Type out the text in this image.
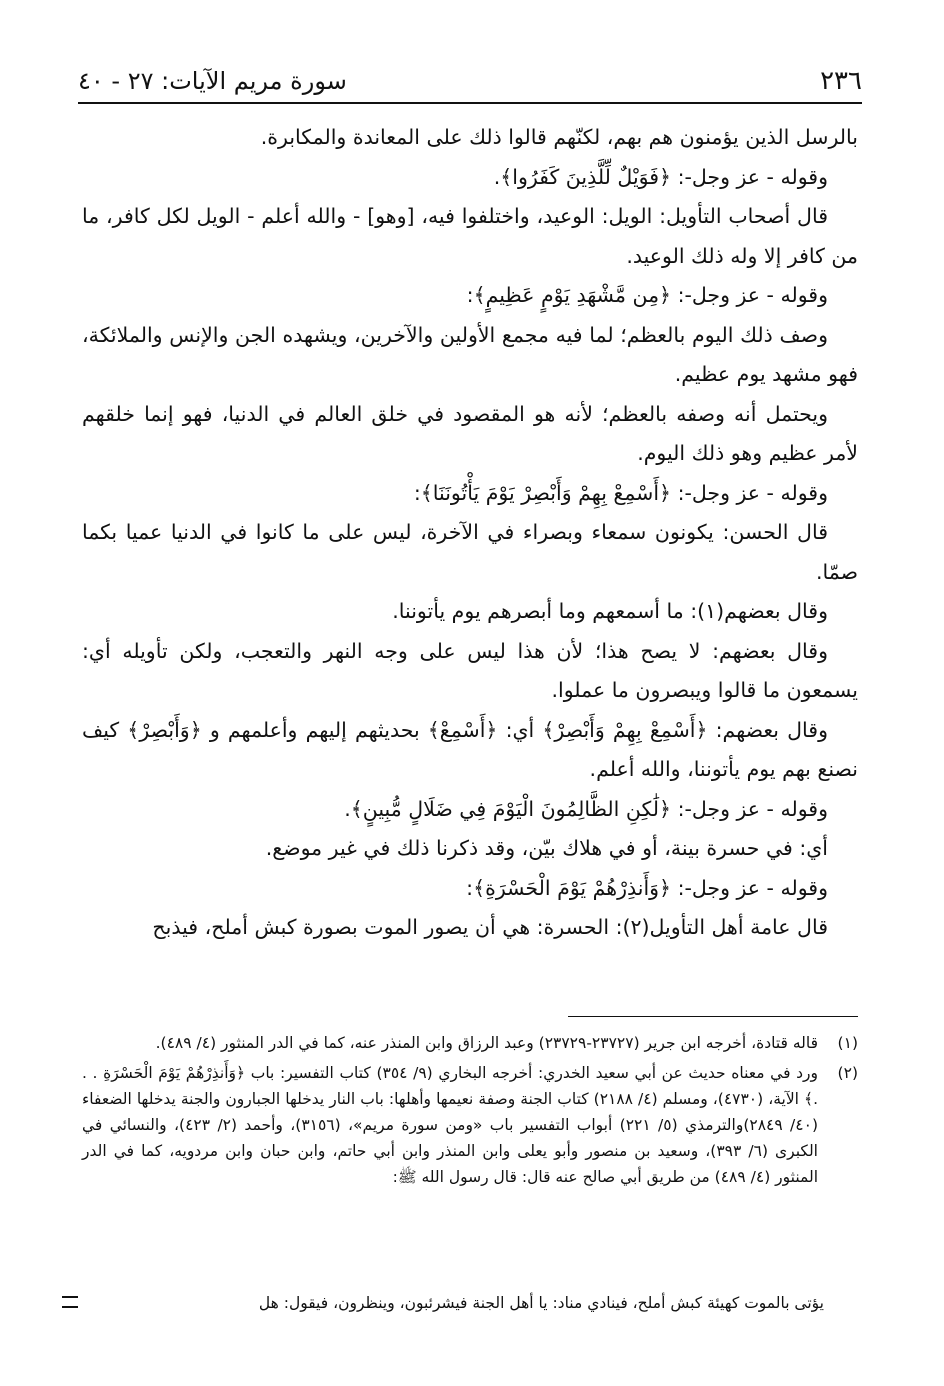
٢٣٦
سورة مريم الآيات: ٢٧ - ٤٠

بالرسل الذين يؤمنون هم بهم، لكنّهم قالوا ذلك على المعاندة والمكابرة.

وقوله - عز وجل-: ﴿فَوَيْلٌ لِّلَّذِينَ كَفَرُوا﴾.

قال أصحاب التأويل: الويل: الوعيد، واختلفوا فيه، [وهو] - والله أعلم - الويل لكل كافر، ما من كافر إلا وله ذلك الوعيد.

وقوله - عز وجل-: ﴿مِن مَّشْهَدِ يَوْمٍ عَظِيمٍ﴾:

وصف ذلك اليوم بالعظم؛ لما فيه مجمع الأولين والآخرين، ويشهده الجن والإنس والملائكة، فهو مشهد يوم عظيم.

ويحتمل أنه وصفه بالعظم؛ لأنه هو المقصود في خلق العالم في الدنيا، فهو إنما خلقهم لأمر عظيم وهو ذلك اليوم.

وقوله - عز وجل-: ﴿أَسْمِعْ بِهِمْ وَأَبْصِرْ يَوْمَ يَأْتُونَنَا﴾:

قال الحسن: يكونون سمعاء وبصراء في الآخرة، ليس على ما كانوا في الدنيا عميا بكما صمّا.

وقال بعضهم(١): ما أسمعهم وما أبصرهم يوم يأتوننا.

وقال بعضهم: لا يصح هذا؛ لأن هذا ليس على وجه النهر والتعجب، ولكن تأويله أي: يسمعون ما قالوا ويبصرون ما عملوا.

وقال بعضهم: ﴿أَسْمِعْ بِهِمْ وَأَبْصِرْ﴾ أي: ﴿أَسْمِعْ﴾ بحديثهم إليهم وأعلمهم و ﴿وَأَبْصِرْ﴾ كيف نصنع بهم يوم يأتوننا، والله أعلم.

وقوله - عز وجل-: ﴿لَٰكِنِ الظَّالِمُونَ الْيَوْمَ فِي ضَلَالٍ مُّبِينٍ﴾.

أي: في حسرة بينة، أو في هلاك بيّن، وقد ذكرنا ذلك في غير موضع.

وقوله - عز وجل-: ﴿وَأَنذِرْهُمْ يَوْمَ الْحَسْرَةِ﴾:

قال عامة أهل التأويل(٢): الحسرة: هي أن يصور الموت بصورة كبش أملح، فيذبح

(١)
قاله قتادة، أخرجه ابن جرير (٢٣٧٢٧-٢٣٧٢٩) وعبد الرزاق وابن المنذر عنه، كما في الدر المنثور (٤/ ٤٨٩).
(٢)
ورد في معناه حديث عن أبي سعيد الخدري: أخرجه البخاري (٩/ ٣٥٤) كتاب التفسير: باب ﴿وَأَنذِرْهُمْ يَوْمَ الْحَسْرَةِ . . .﴾ الآية، (٤٧٣٠)، ومسلم (٤/ ٢١٨٨) كتاب الجنة وصفة نعيمها وأهلها: باب النار يدخلها الجبارون والجنة يدخلها الضعفاء (٤٠/ ٢٨٤٩)والترمذي (٥/ ٢٢١) أبواب التفسير باب «ومن سورة مريم»، (٣١٥٦)، وأحمد (٢/ ٤٢٣)، والنسائي في الكبرى (٦/ ٣٩٣)، وسعيد بن منصور وأبو يعلى وابن المنذر وابن أبي حاتم، وابن حبان وابن مردويه، كما في الدر المنثور (٤/ ٤٨٩) من طريق أبي صالح عنه قال: قال رسول الله ﷺ:
يؤتى بالموت كهيئة كبش أملح، فينادي مناد: يا أهل الجنة فيشرئبون، وينظرون، فيقول: هل
